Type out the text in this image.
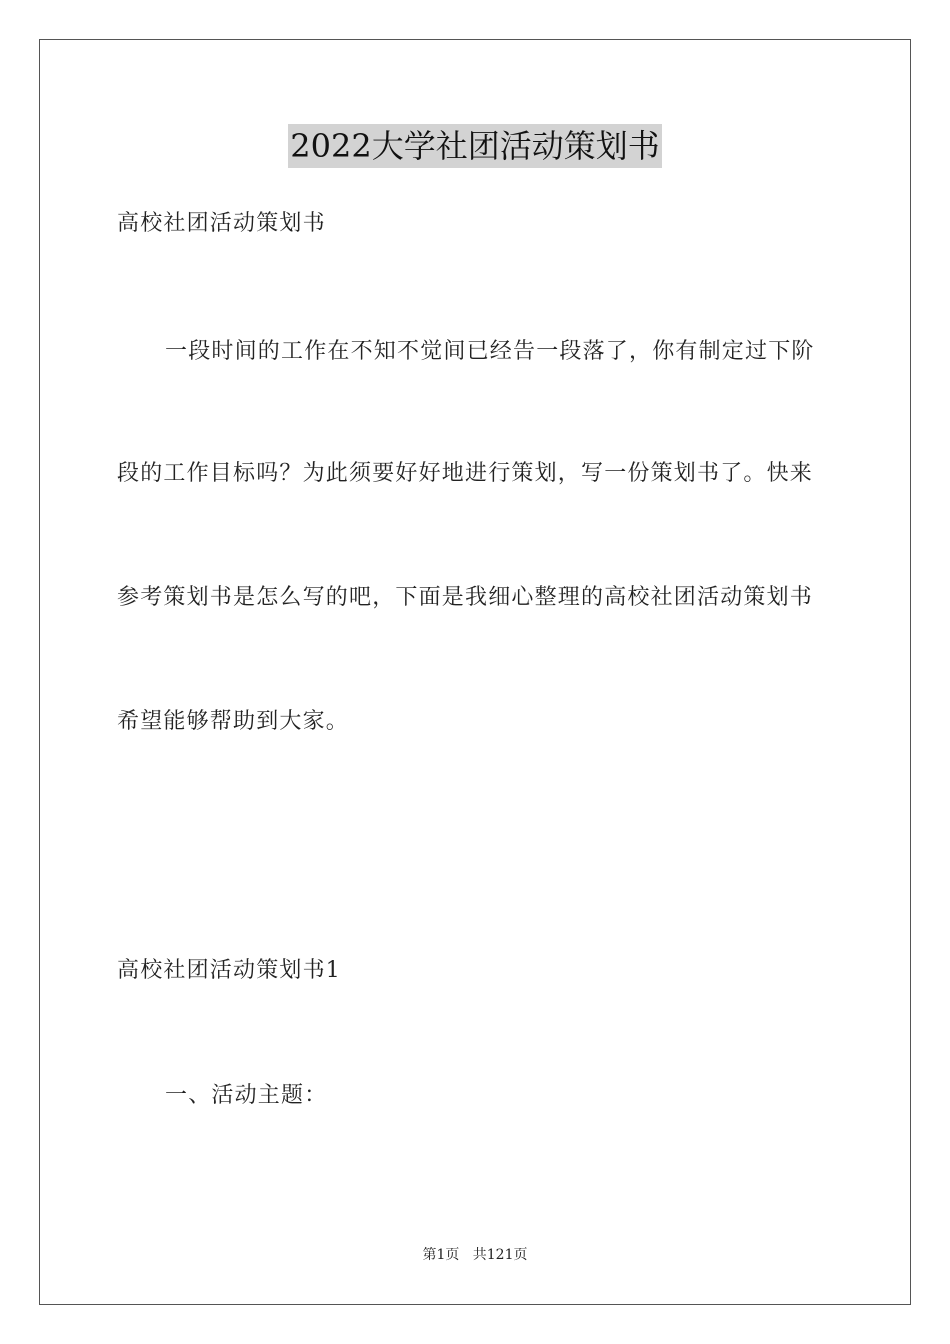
2022大学社团活动策划书
高校社团活动策划书
一段时间的工作在不知不觉间已经告一段落了，你有制定过下阶
段的工作目标吗？为此须要好好地进行策划，写一份策划书了。快来
参考策划书是怎么写的吧，下面是我细心整理的高校社团活动策划书
希望能够帮助到大家。
高校社团活动策划书1
一、活动主题：
第1页   共121页
